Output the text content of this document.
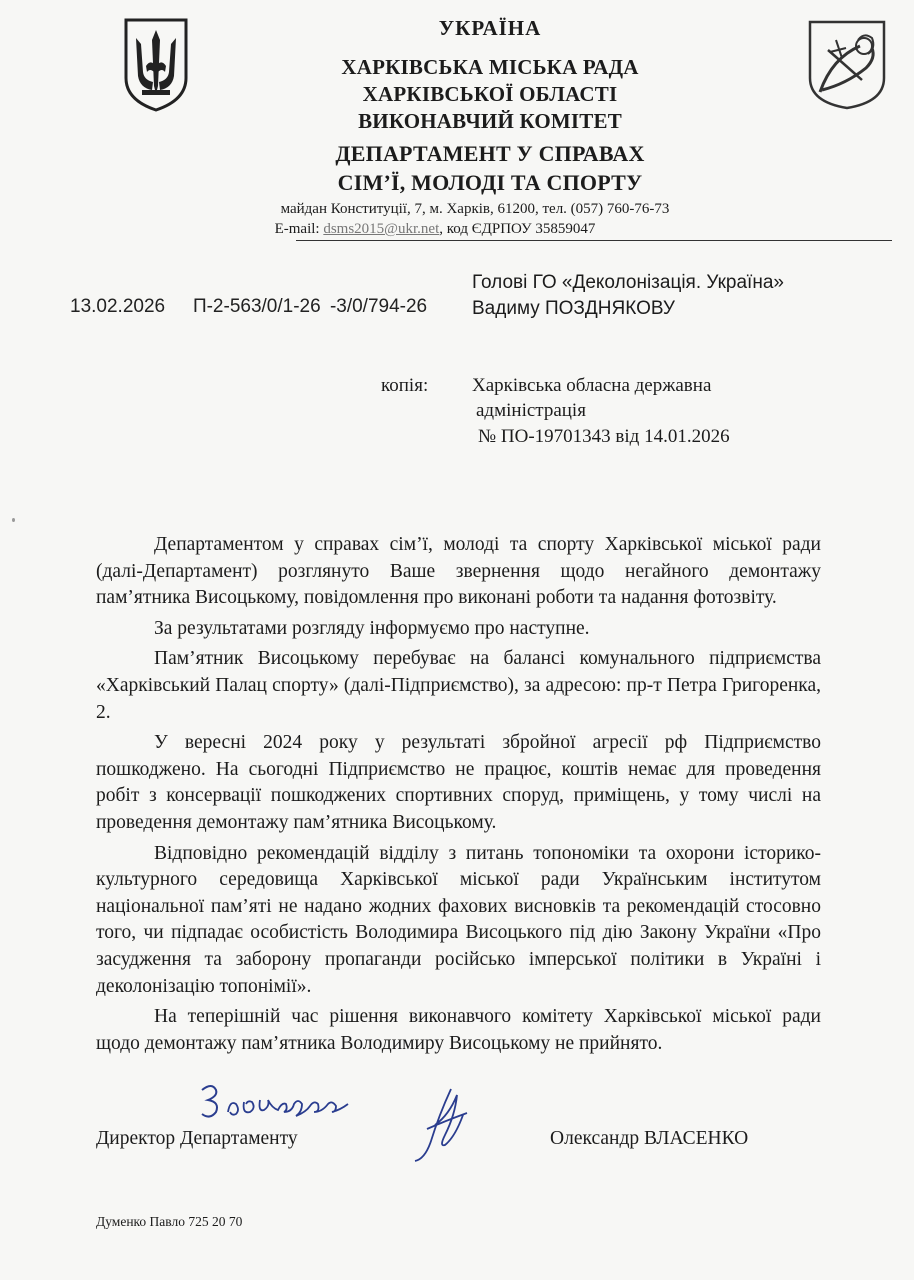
УКРАЇНА
ХАРКІВСЬКА МІСЬКА РАДА
ХАРКІВСЬКОЇ ОБЛАСТІ
ВИКОНАВЧИЙ КОМІТЕТ
ДЕПАРТАМЕНТ У СПРАВАХ
СІМ’Ї, МОЛОДІ ТА СПОРТУ
майдан Конституції, 7, м. Харків, 61200, тел. (057) 760-76-73
E-mail: dsms2015@ukr.net, код ЄДРПОУ 35859047
13.02.2026 П-2-563/0/1-26 -3/0/794-26
Голові ГО «Деколонізація. Україна»
Вадиму ПОЗДНЯКОВУ
копія: Харківська обласна державна
адміністрація
№ ПО-19701343 від 14.01.2026

Департаментом у справах сім’ї, молоді та спорту Харківської міської ради (далі-Департамент) розглянуто Ваше звернення щодо негайного демонтажу пам’ятника Висоцькому, повідомлення про виконані роботи та надання фотозвіту.

За результатами розгляду інформуємо про наступне.

Пам’ятник Висоцькому перебуває на балансі комунального підприємства «Харківський Палац спорту» (далі-Підприємство), за адресою: пр-т Петра Григоренка, 2.

У вересні 2024 року у результаті збройної агресії рф Підприємство пошкоджено. На сьогодні Підприємство не працює, коштів немає для проведення робіт з консервації пошкоджених спортивних споруд, приміщень, у тому числі на проведення демонтажу пам’ятника Висоцькому.

Відповідно рекомендацій відділу з питань топономіки та охорони історико-культурного середовища Харківської міської ради Українським інститутом національної пам’яті не надано жодних фахових висновків та рекомендацій стосовно того, чи підпадає особистість Володимира Висоцького під дію Закону України «Про засудження та заборону пропаганди російсько імперської політики в Україні і деколонізацію топонімії».

На теперішній час рішення виконавчого комітету Харківської міської ради щодо демонтажу пам’ятника Володимиру Висоцькому не прийнято.

Директор Департаменту	Олександр ВЛАСЕНКО
Думенко Павло 725 20 70
